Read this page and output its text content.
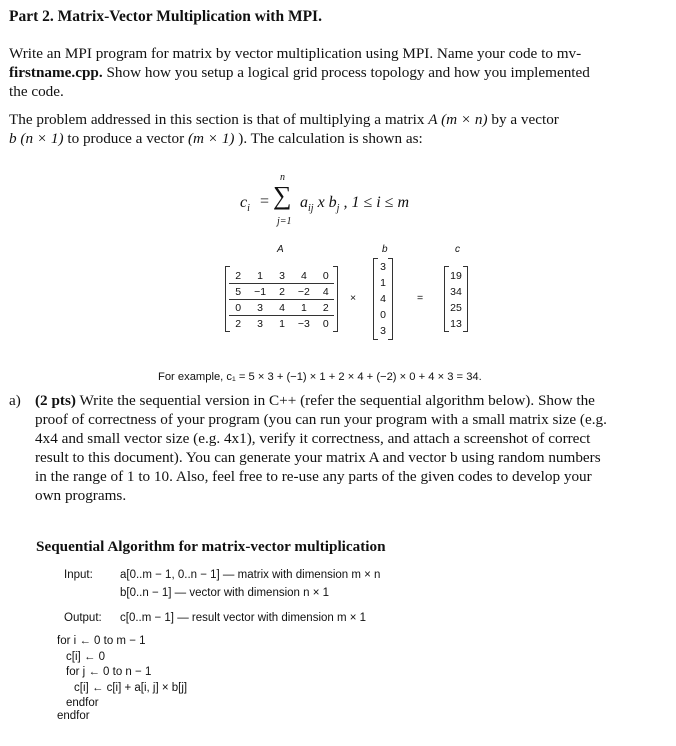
Part 2. Matrix-Vector Multiplication with MPI.
Write an MPI program for matrix by vector multiplication using MPI. Name your code to mv-
firstname.cpp. Show how you setup a logical grid process topology and how you implemented
the code.
The problem addressed in this section is that of multiplying a matrix A (m × n) by a vector
b (n × 1) to produce a vector (m × 1) ). The calculation is shown as:
$c_i$ =
n
∑
j=1
$a_{ij}$ x $b_j$ , 1 ≤ i ≤ m
A	b	c
2	1	3	4	0
5	−1	2	−2	4
0	3	4	1	2
2	3	1	−3	0
×
3
1
4
0
3
=
19
34
25
13
For example, c₁ = 5 × 3 + (−1) × 1 + 2 × 4 + (−2) × 0 + 4 × 3 = 34.
a) (2 pts) Write the sequential version in C++ (refer the sequential algorithm below). Show the
proof of correctness of your program (you can run your program with a small matrix size (e.g.
4x4 and small vector size (e.g. 4x1), verify it correctness, and attach a screenshot of correct
result to this document). You can generate your matrix A and vector b using random numbers
in the range of 1 to 10. Also, feel free to re-use any parts of the given codes to develop your
own programs.
Sequential Algorithm for matrix-vector multiplication
Input: a[0..m − 1, 0..n − 1] — matrix with dimension m × n
b[0..n − 1] — vector with dimension n × 1
Output: c[0..m − 1] — result vector with dimension m × 1
for i ← 0 to m − 1
c[i] ← 0
for j ← 0 to n − 1
c[i] ← c[i] + a[i, j] × b[j]
endfor
endfor
